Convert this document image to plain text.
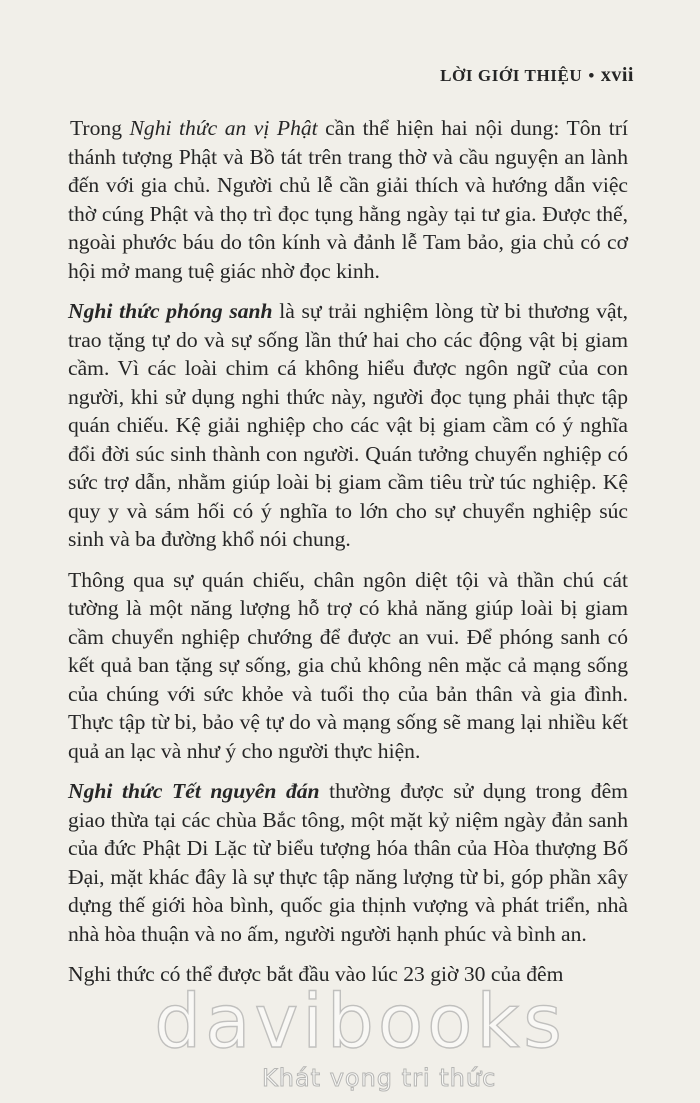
LỜI GIỚI THIỆU • xvii

Trong Nghi thức an vị Phật cần thể hiện hai nội dung: Tôn trí thánh tượng Phật và Bồ tát trên trang thờ và cầu nguyện an lành đến với gia chủ. Người chủ lễ cần giải thích và hướng dẫn việc thờ cúng Phật và thọ trì đọc tụng hằng ngày tại tư gia. Được thế, ngoài phước báu do tôn kính và đảnh lễ Tam bảo, gia chủ có cơ hội mở mang tuệ giác nhờ đọc kinh.

Nghi thức phóng sanh là sự trải nghiệm lòng từ bi thương vật, trao tặng tự do và sự sống lần thứ hai cho các động vật bị giam cầm. Vì các loài chim cá không hiểu được ngôn ngữ của con người, khi sử dụng nghi thức này, người đọc tụng phải thực tập quán chiếu. Kệ giải nghiệp cho các vật bị giam cầm có ý nghĩa đổi đời súc sinh thành con người. Quán tưởng chuyển nghiệp có sức trợ dẫn, nhằm giúp loài bị giam cầm tiêu trừ túc nghiệp. Kệ quy y và sám hối có ý nghĩa to lớn cho sự chuyển nghiệp súc sinh và ba đường khổ nói chung.

Thông qua sự quán chiếu, chân ngôn diệt tội và thần chú cát tường là một năng lượng hỗ trợ có khả năng giúp loài bị giam cầm chuyển nghiệp chướng để được an vui. Để phóng sanh có kết quả ban tặng sự sống, gia chủ không nên mặc cả mạng sống của chúng với sức khỏe và tuổi thọ của bản thân và gia đình. Thực tập từ bi, bảo vệ tự do và mạng sống sẽ mang lại nhiều kết quả an lạc và như ý cho người thực hiện.

Nghi thức Tết nguyên đán thường được sử dụng trong đêm giao thừa tại các chùa Bắc tông, một mặt kỷ niệm ngày đản sanh của đức Phật Di Lặc từ biểu tượng hóa thân của Hòa thượng Bố Đại, mặt khác đây là sự thực tập năng lượng từ bi, góp phần xây dựng thế giới hòa bình, quốc gia thịnh vượng và phát triển, nhà nhà hòa thuận và no ấm, người người hạnh phúc và bình an.

Nghi thức có thể được bắt đầu vào lúc 23 giờ 30 của đêm

davibooks
Khát vọng tri thức
